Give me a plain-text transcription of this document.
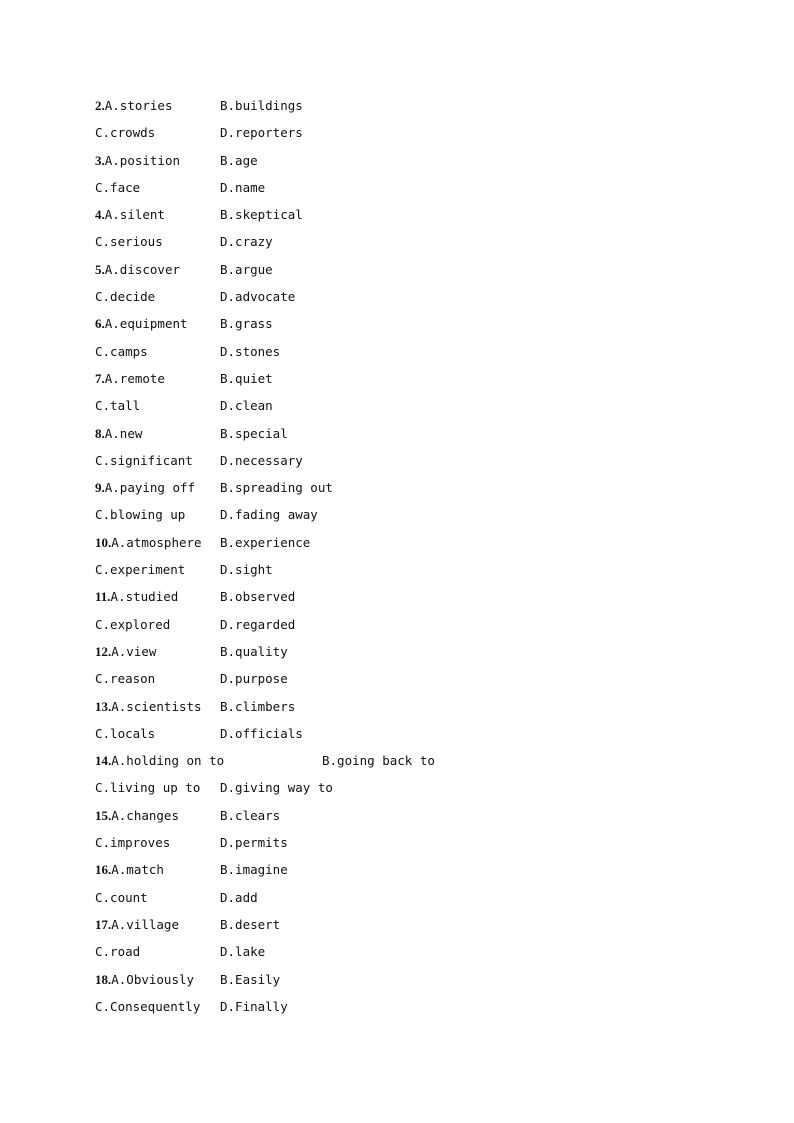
2.A.stories	B.buildings
C.crowds	D.reporters
3.A.position	B.age
C.face	D.name
4.A.silent	B.skeptical
C.serious	D.crazy
5.A.discover	B.argue
C.decide	D.advocate
6.A.equipment	B.grass
C.camps	D.stones
7.A.remote	B.quiet
C.tall	D.clean
8.A.new	B.special
C.significant D.necessary
9.A.paying off B.spreading out
C.blowing up	D.fading away
10.A.atmosphere B.experience
C.experiment	D.sight
11.A.studied	B.observed
C.explored	D.regarded
12.A.view	B.quality
C.reason	D.purpose
13.A.scientists B.climbers
C.locals	D.officials
14.A.holding on to	B.going back to
C.living up to D.giving way to
15.A.changes	B.clears
C.improves	D.permits
16.A.match	B.imagine
C.count	D.add
17.A.village	B.desert
C.road	D.lake
18.A.Obviously B.Easily
C.Consequently D.Finally
